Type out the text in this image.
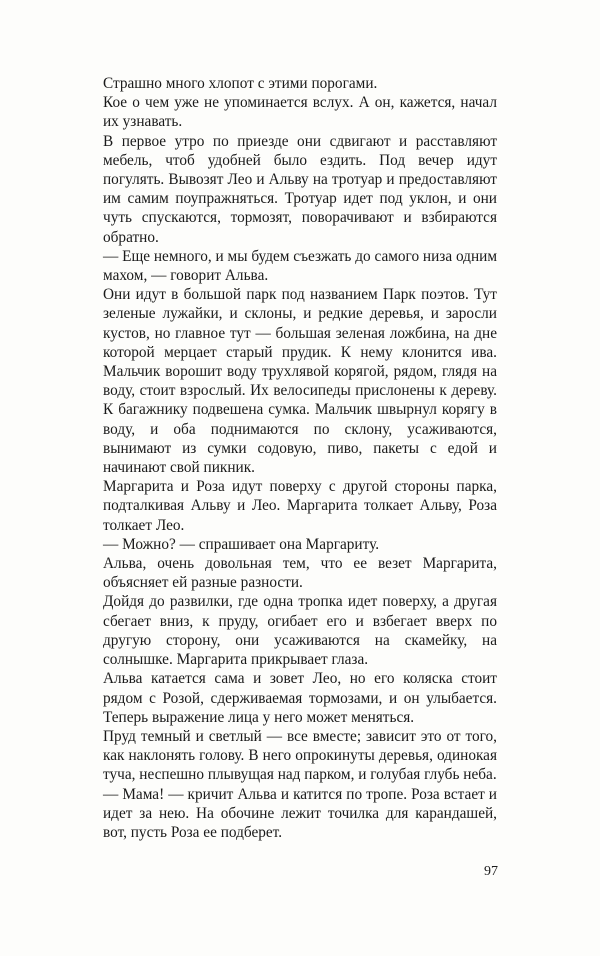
Страшно много хлопот с этими порогами.

Кое о чем уже не упоминается вслух. А он, кажется, начал их узнавать.

В первое утро по приезде они сдвигают и расставляют мебель, чтоб удобней было ездить. Под вечер идут погулять. Вывозят Лео и Альву на тротуар и предоставляют им самим поупражняться. Тротуар идет под уклон, и они чуть спускаются, тормозят, поворачивают и взбираются обратно.

— Еще немного, и мы будем съезжать до самого низа одним махом, — говорит Альва.

Они идут в большой парк под названием Парк поэтов. Тут зеленые лужайки, и склоны, и редкие деревья, и заросли кустов, но главное тут — большая зеленая ложбина, на дне которой мерцает старый прудик. К нему клонится ива. Мальчик ворошит воду трухлявой корягой, рядом, глядя на воду, стоит взрослый. Их велосипеды прислонены к дереву. К багажнику подвешена сумка. Мальчик швырнул корягу в воду, и оба поднимаются по склону, усаживаются, вынимают из сумки содовую, пиво, пакеты с едой и начинают свой пикник.

Маргарита и Роза идут поверху с другой стороны парка, подталкивая Альву и Лео. Маргарита толкает Альву, Роза толкает Лео.

— Можно? — спрашивает она Маргариту.

Альва, очень довольная тем, что ее везет Маргарита, объясняет ей разные разности.

Дойдя до развилки, где одна тропка идет поверху, а другая сбегает вниз, к пруду, огибает его и взбегает вверх по другую сторону, они усаживаются на скамейку, на солнышке. Маргарита прикрывает глаза.

Альва катается сама и зовет Лео, но его коляска стоит рядом с Розой, сдерживаемая тормозами, и он улыбается. Теперь выражение лица у него может меняться.

Пруд темный и светлый — все вместе; зависит это от того, как наклонять голову. В него опрокинуты деревья, одинокая туча, неспешно плывущая над парком, и голубая глубь неба.

— Мама! — кричит Альва и катится по тропе. Роза встает и идет за нею. На обочине лежит точилка для карандашей, вот, пусть Роза ее подберет.

97
